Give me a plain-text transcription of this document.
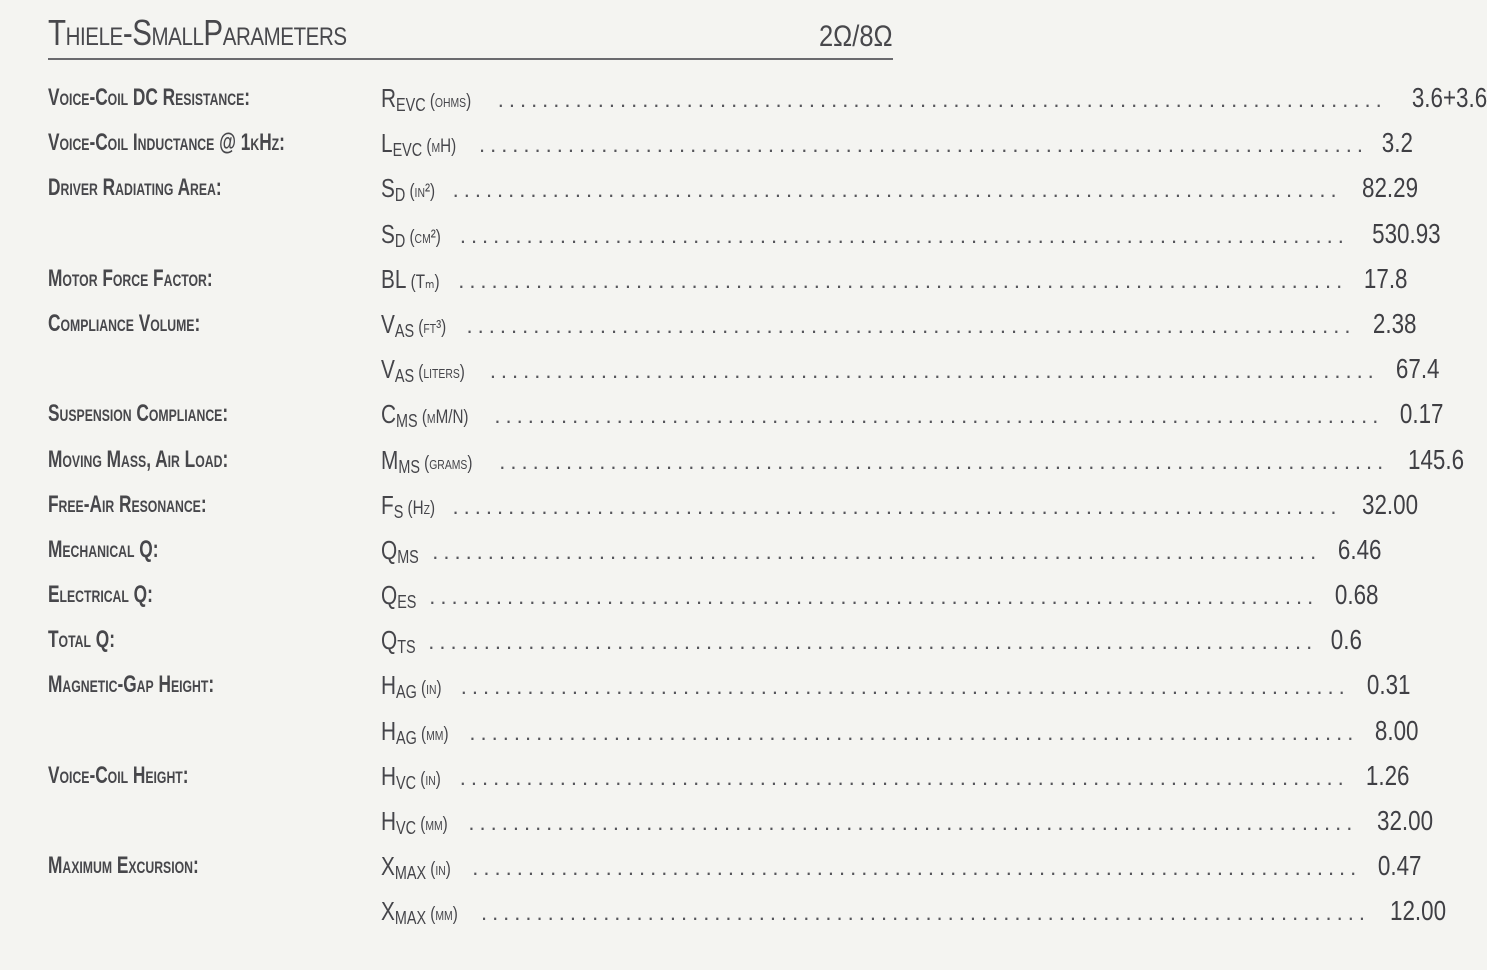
Thiele-SmallParameters	2Ω/8Ω
Voice-Coil DC Resistance:	REVC (ohms) ................................................................................ 3.6+3.6
Voice-Coil Inductance @ 1kHz:	LEVC (mH) ................................................................................ 3.2
Driver Radiating Area:	SD (in²) ................................................................................ 82.29
SD (cm²) ................................................................................ 530.93
Motor Force Factor:	BL (Tₘ) ................................................................................ 17.8
Compliance Volume:	VAS (ft³) ................................................................................ 2.38
VAS (liters) ................................................................................ 67.4
Suspension Compliance:	CMS (μM/N) ................................................................................ 0.17
Moving Mass, Air Load:	MMS (grams) ................................................................................ 145.6
Free-Air Resonance:	FS (Hz) ................................................................................ 32.00
Mechanical Q:	QMS ................................................................................ 6.46
Electrical Q:	QES ................................................................................ 0.68
Total Q:	QTS ................................................................................ 0.6
Magnetic-Gap Height:	HAG (in) ................................................................................ 0.31
HAG (mm) ................................................................................ 8.00
Voice-Coil Height:	HVC (in) ................................................................................ 1.26
HVC (mm) ................................................................................ 32.00
Maximum Excursion:	XMAX (in) ................................................................................ 0.47
XMAX (mm) ................................................................................ 12.00
